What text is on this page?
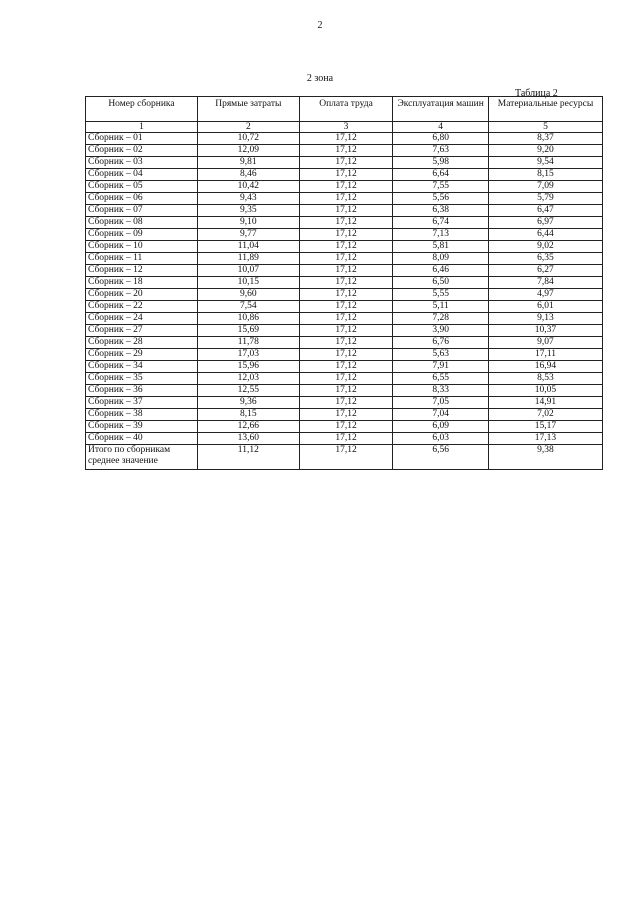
2
2 зона
Таблица 2
Номер сборника	Прямые затраты	Оплата труда	Эксплуатация машин	Материальные ресурсы
1	2	3	4	5
Сборник – 01	10,72	17,12	6,80	8,37
Сборник – 02	12,09	17,12	7,63	9,20
Сборник – 03	9,81	17,12	5,98	9,54
Сборник – 04	8,46	17,12	6,64	8,15
Сборник – 05	10,42	17,12	7,55	7,09
Сборник – 06	9,43	17,12	5,56	5,79
Сборник – 07	9,35	17,12	6,38	6,47
Сборник – 08	9,10	17,12	6,74	6,97
Сборник – 09	9,77	17,12	7,13	6,44
Сборник – 10	11,04	17,12	5,81	9,02
Сборник – 11	11,89	17,12	8,09	6,35
Сборник – 12	10,07	17,12	6,46	6,27
Сборник – 18	10,15	17,12	6,50	7,84
Сборник – 20	9,60	17,12	5,55	4,97
Сборник – 22	7,54	17,12	5,11	6,01
Сборник – 24	10,86	17,12	7,28	9,13
Сборник – 27	15,69	17,12	3,90	10,37
Сборник – 28	11,78	17,12	6,76	9,07
Сборник – 29	17,03	17,12	5,63	17,11
Сборник – 34	15,96	17,12	7,91	16,94
Сборник – 35	12,03	17,12	6,55	8,53
Сборник – 36	12,55	17,12	8,33	10,05
Сборник – 37	9,36	17,12	7,05	14,91
Сборник – 38	8,15	17,12	7,04	7,02
Сборник – 39	12,66	17,12	6,09	15,17
Сборник – 40	13,60	17,12	6,03	17,13
Итого по сборникам среднее значение	11,12	17,12	6,56	9,38
